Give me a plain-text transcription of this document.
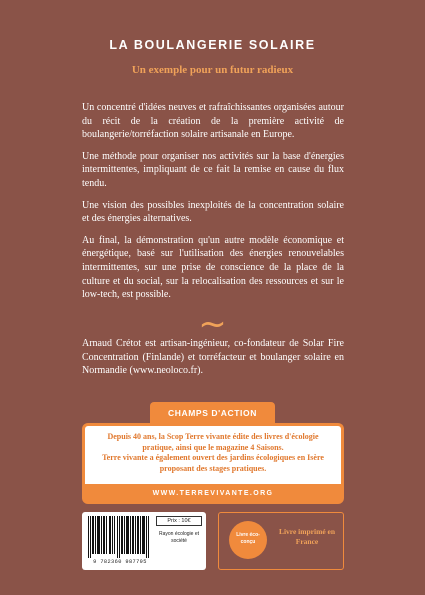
LA BOULANGERIE SOLAIRE
Un exemple pour un futur radieux

Un concentré d'idées neuves et rafraîchissantes organisées autour du récit de la création de la première activité de boulangerie/torréfaction solaire artisanale en Europe.

Une méthode pour organiser nos activités sur la base d'énergies intermittentes, impliquant de ce fait la remise en cause du flux tendu.

Une vision des possibles inexploités de la concentration solaire et des énergies alternatives.

Au final, la démonstration qu'un autre modèle économique et énergétique, basé sur l'utilisation des énergies renouvelables intermittentes, sur une prise de conscience de la place de la culture et du social, sur la relocalisation des ressources et sur le low-tech, est possible.

~
Arnaud Crétot est artisan-ingénieur, co-fondateur de Solar Fire Concentration (Finlande) et torréfacteur et boulanger solaire en Normandie (www.neoloco.fr).
CHAMPS D'ACTION
Depuis 40 ans, la Scop Terre vivante édite des livres d'écologie pratique, ainsi que le magazine 4 Saisons.
Terre vivante a également ouvert des jardins écologiques en Isère proposant des stages pratiques.
WWW.TERREVIVANTE.ORG
9 782360 987795
Prix : 10€
Rayon écologie et société
Livre éco-conçu
Livre imprimé en France
